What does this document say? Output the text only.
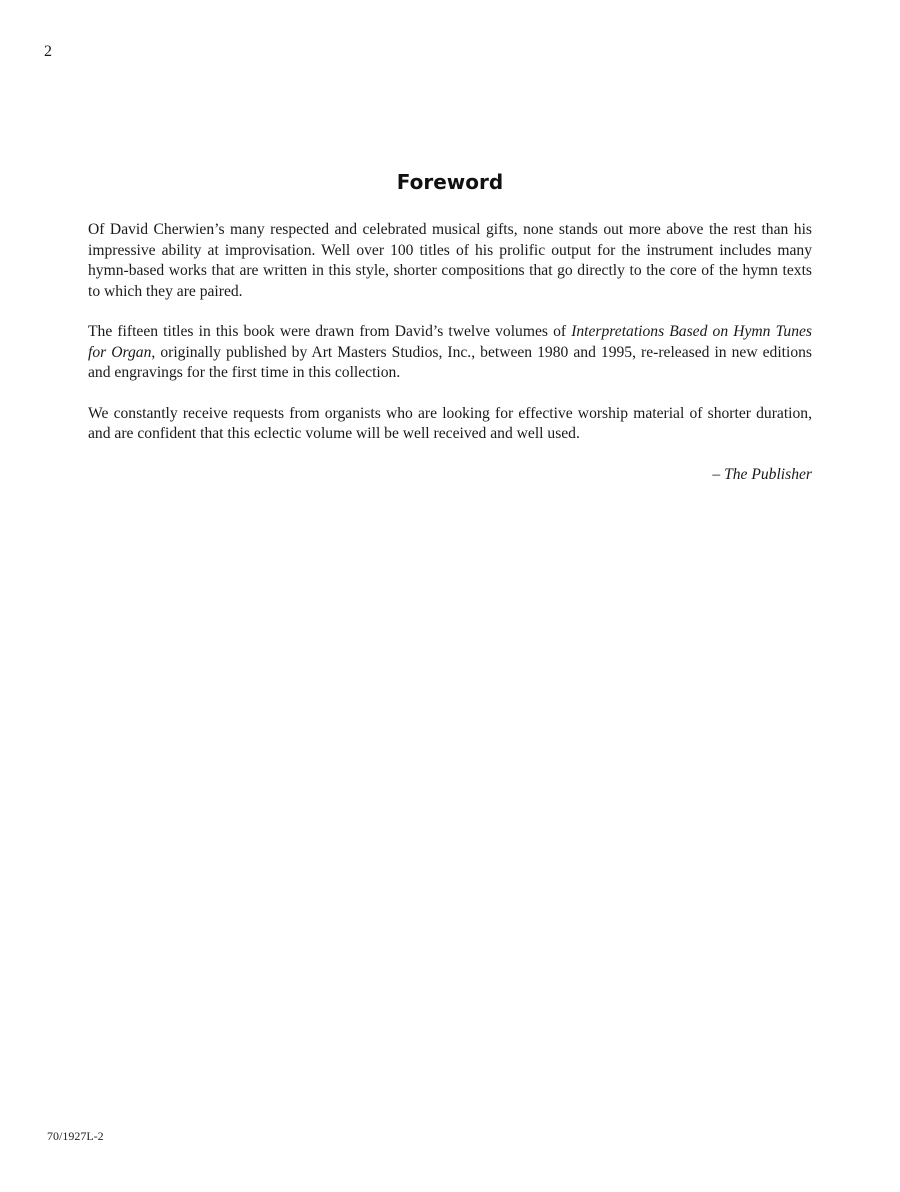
2
Foreword

Of David Cherwien’s many respected and celebrated musical gifts, none stands out more above the rest than his impressive ability at improvisation. Well over 100 titles of his prolific output for the instrument includes many hymn-based works that are written in this style, shorter compositions that go directly to the core of the hymn texts to which they are paired.

The fifteen titles in this book were drawn from David’s twelve volumes of Interpretations Based on Hymn Tunes for Organ, originally published by Art Masters Studios, Inc., between 1980 and 1995, re-released in new editions and engravings for the first time in this collection.

We constantly receive requests from organists who are looking for effective worship material of shorter duration, and are confident that this eclectic volume will be well received and well used.

– The Publisher
70/1927L-2
